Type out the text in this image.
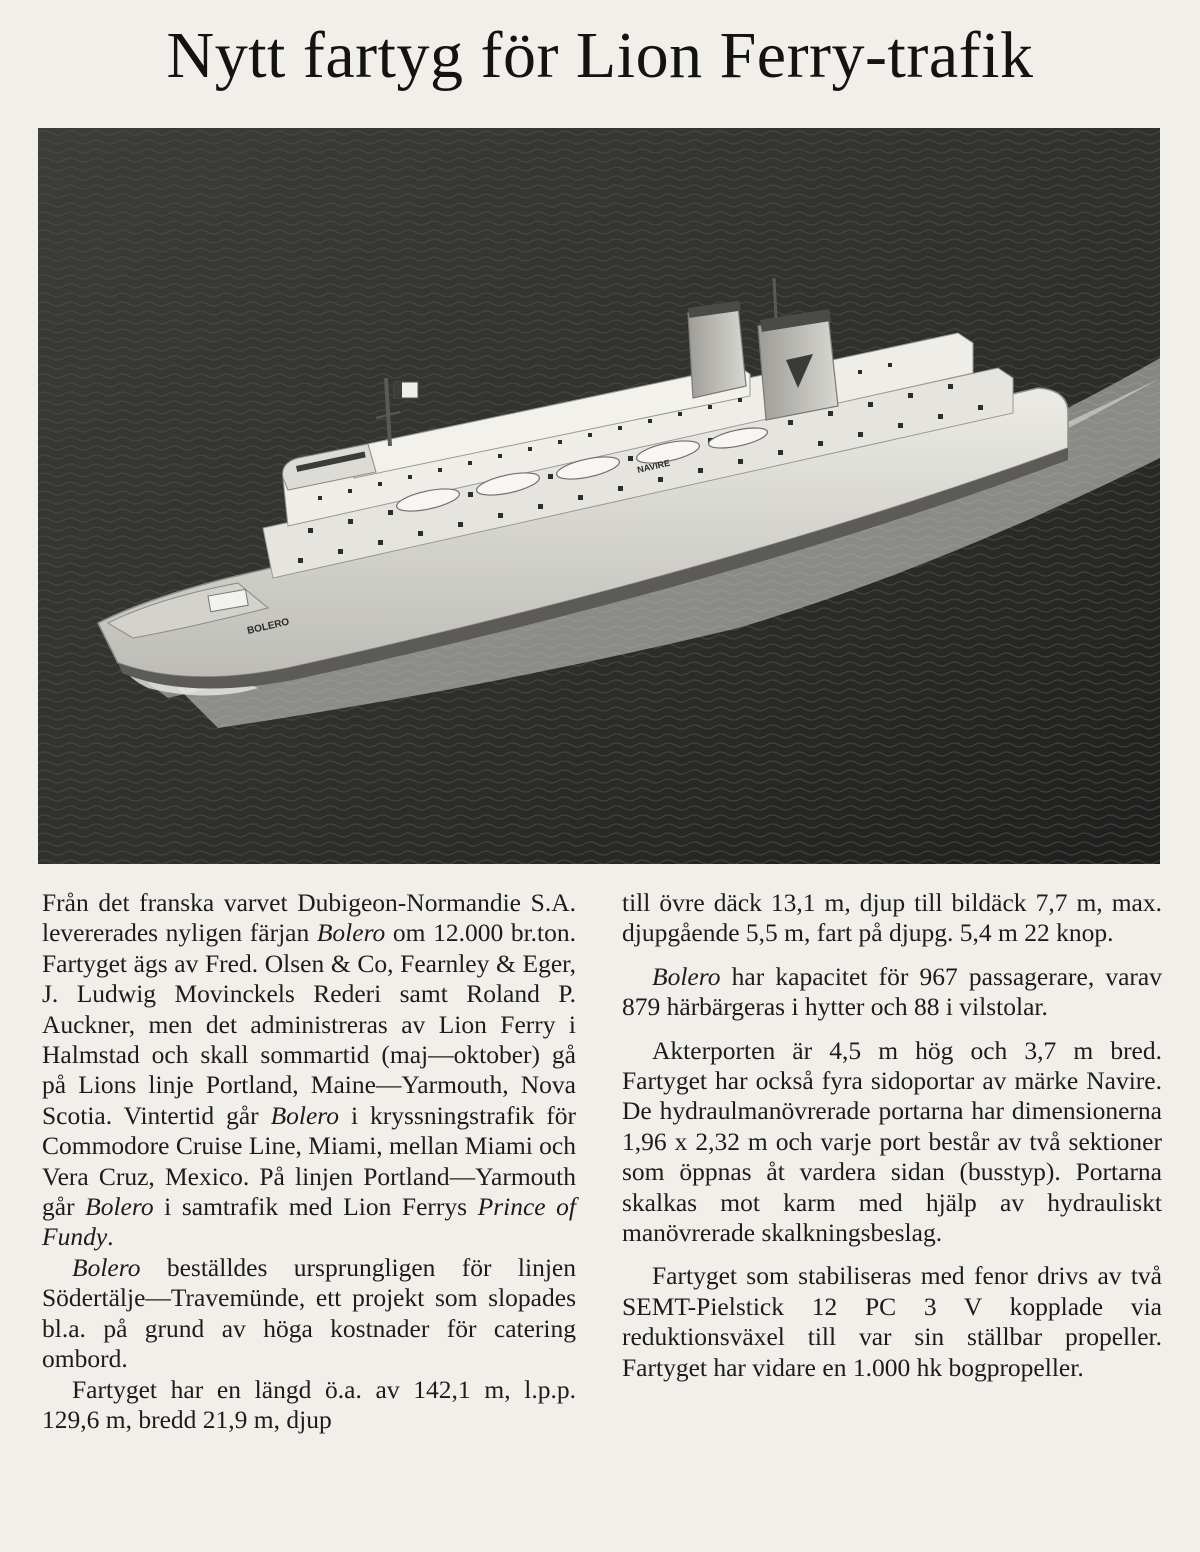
Nytt fartyg för Lion Ferry-trafik
BOLERO
NAVIRE

Från det franska varvet Dubigeon-Normandie S.A. levererades nyligen färjan Bolero om 12.000 br.ton. Fartyget ägs av Fred. Olsen & Co, Fearnley & Eger, J. Ludwig Movinckels Rederi samt Roland P. Auckner, men det administreras av Lion Ferry i Halmstad och skall sommartid (maj—oktober) gå på Lions linje Portland, Maine—Yarmouth, Nova Scotia. Vintertid går Bolero i kryssningstrafik för Commodore Cruise Line, Miami, mellan Miami och Vera Cruz, Mexico. På linjen Portland—Yarmouth går Bolero i samtrafik med Lion Ferrys Prince of Fundy.

Bolero beställdes ursprungligen för linjen Södertälje—Travemünde, ett projekt som slopades bl.a. på grund av höga kostnader för catering ombord.

Fartyget har en längd ö.a. av 142,1 m, l.p.p. 129,6 m, bredd 21,9 m, djup

till övre däck 13,1 m, djup till bildäck 7,7 m, max. djupgående 5,5 m, fart på djupg. 5,4 m 22 knop.

Bolero har kapacitet för 967 passagerare, varav 879 härbärgeras i hytter och 88 i vilstolar.

Akterporten är 4,5 m hög och 3,7 m bred. Fartyget har också fyra sidoportar av märke Navire. De hydraulmanövrerade portarna har dimensionerna 1,96 x 2,32 m och varje port består av två sektioner som öppnas åt vardera sidan (busstyp). Portarna skalkas mot karm med hjälp av hydrauliskt manövrerade skalkningsbeslag.

Fartyget som stabiliseras med fenor drivs av två SEMT-Pielstick 12 PC 3 V kopplade via reduktionsväxel till var sin ställbar propeller. Fartyget har vidare en 1.000 hk bogpropeller.
